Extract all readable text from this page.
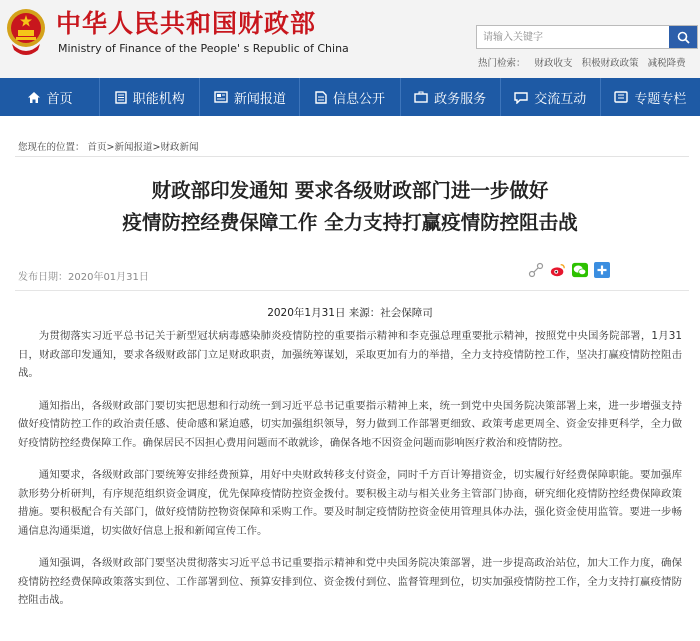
中华人民共和国财政部
Ministry of Finance of the People' s Republic of China
请输入关键字
热门检索： 财政收支 积极财政政策 减税降费
首页	职能机构	新闻报道	信息公开	政务服务	交流互动	专题专栏
您现在的位置： 首页>新闻报道>财政新闻
财政部印发通知 要求各级财政部门进一步做好
疫情防控经费保障工作 全力支持打赢疫情防控阻击战
发布日期：2020年01月31日
2020年1月31日 来源：社会保障司

为贯彻落实习近平总书记关于新型冠状病毒感染肺炎疫情防控的重要指示精神和李克强总理重要批示精神，按照党中央国务院部署，1月31日，财政部印发通知，要求各级财政部门立足财政职责，加强统筹谋划，采取更加有力的举措，全力支持疫情防控工作，坚决打赢疫情防控阻击战。

通知指出，各级财政部门要切实把思想和行动统一到习近平总书记重要指示精神上来，统一到党中央国务院决策部署上来，进一步增强支持做好疫情防控工作的政治责任感、使命感和紧迫感，切实加强组织领导，努力做到工作部署更细致、政策考虑更周全、资金安排更科学，全力做好疫情防控经费保障工作。确保居民不因担心费用问题而不敢就诊，确保各地不因资金问题而影响医疗救治和疫情防控。

通知要求，各级财政部门要统筹安排经费预算，用好中央财政转移支付资金，同时千方百计筹措资金，切实履行好经费保障职能。要加强库款形势分析研判，有序规范组织资金调度，优先保障疫情防控资金拨付。要积极主动与相关业务主管部门协商，研究细化疫情防控经费保障政策措施。要积极配合有关部门，做好疫情防控物资保障和采购工作。要及时制定疫情防控资金使用管理具体办法，强化资金使用监管。要进一步畅通信息沟通渠道，切实做好信息上报和新闻宣传工作。

通知强调，各级财政部门要坚决贯彻落实习近平总书记重要指示精神和党中央国务院决策部署，进一步提高政治站位，加大工作力度，确保疫情防控经费保障政策落实到位、工作部署到位、预算安排到位、资金拨付到位、监督管理到位，切实加强疫情防控工作，全力支持打赢疫情防控阻击战。
